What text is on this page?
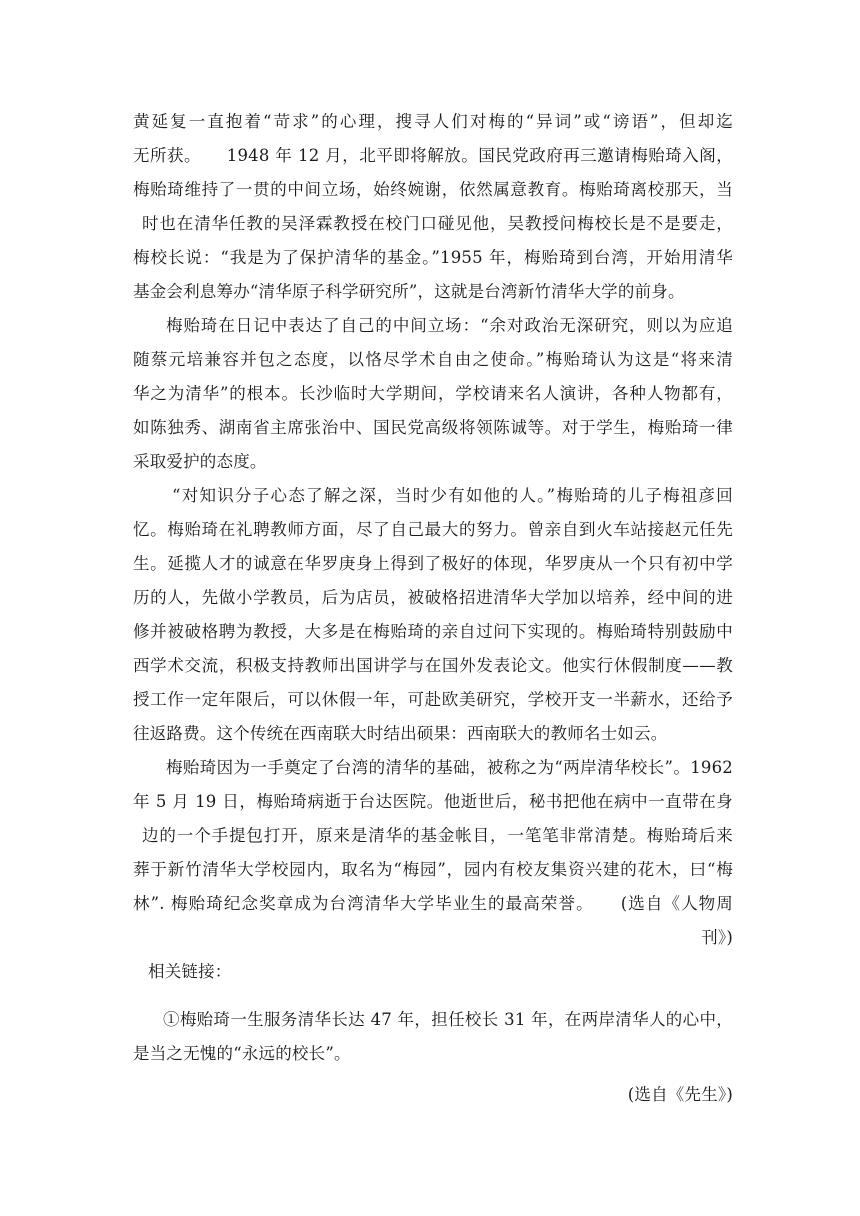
黄延复一直抱着“苛求”的心理，搜寻人们对梅的“异词”或“谤语”，但却迄
无所获。　　1948 年 12 月，北平即将解放。国民党政府再三邀请梅贻琦入阁，
梅贻琦维持了一贯的中间立场，始终婉谢，依然属意教育。梅贻琦离校那天，当
时也在清华任教的吴泽霖教授在校门口碰见他，吴教授问梅校长是不是要走，
梅校长说：“我是为了保护清华的基金。”1955 年，梅贻琦到台湾，开始用清华
基金会利息筹办“清华原子科学研究所”，这就是台湾新竹清华大学的前身。
梅贻琦在日记中表达了自己的中间立场：“余对政治无深研究，则以为应追
随蔡元培兼容并包之态度，以恪尽学术自由之使命。”梅贻琦认为这是“将来清
华之为清华”的根本。长沙临时大学期间，学校请来名人演讲，各种人物都有，
如陈独秀、湖南省主席张治中、国民党高级将领陈诚等。对于学生，梅贻琦一律
采取爱护的态度。
“对知识分子心态了解之深，当时少有如他的人。”梅贻琦的儿子梅祖彦回
忆。梅贻琦在礼聘教师方面，尽了自己最大的努力。曾亲自到火车站接赵元任先
生。延揽人才的诚意在华罗庚身上得到了极好的体现，华罗庚从一个只有初中学
历的人，先做小学教员，后为店员，被破格招进清华大学加以培养，经中间的进
修并被破格聘为教授，大多是在梅贻琦的亲自过问下实现的。梅贻琦特别鼓励中
西学术交流，积极支持教师出国讲学与在国外发表论文。他实行休假制度——教
授工作一定年限后，可以休假一年，可赴欧美研究，学校开支一半薪水，还给予
往返路费。这个传统在西南联大时结出硕果：西南联大的教师名士如云。
梅贻琦因为一手奠定了台湾的清华的基础，被称之为“两岸清华校长”。1962
年 5 月 19 日，梅贻琦病逝于台达医院。他逝世后，秘书把他在病中一直带在身
边的一个手提包打开，原来是清华的基金帐目，一笔笔非常清楚。梅贻琦后来
葬于新竹清华大学校园内，取名为“梅园”，园内有校友集资兴建的花木，曰“梅
林”. 梅贻琦纪念奖章成为台湾清华大学毕业生的最高荣誉。　　(选自《人物周
刊》)
相关链接：
①梅贻琦一生服务清华长达 47 年，担任校长 31 年，在两岸清华人的心中，
是当之无愧的“永远的校长”。
(选自《先生》)
